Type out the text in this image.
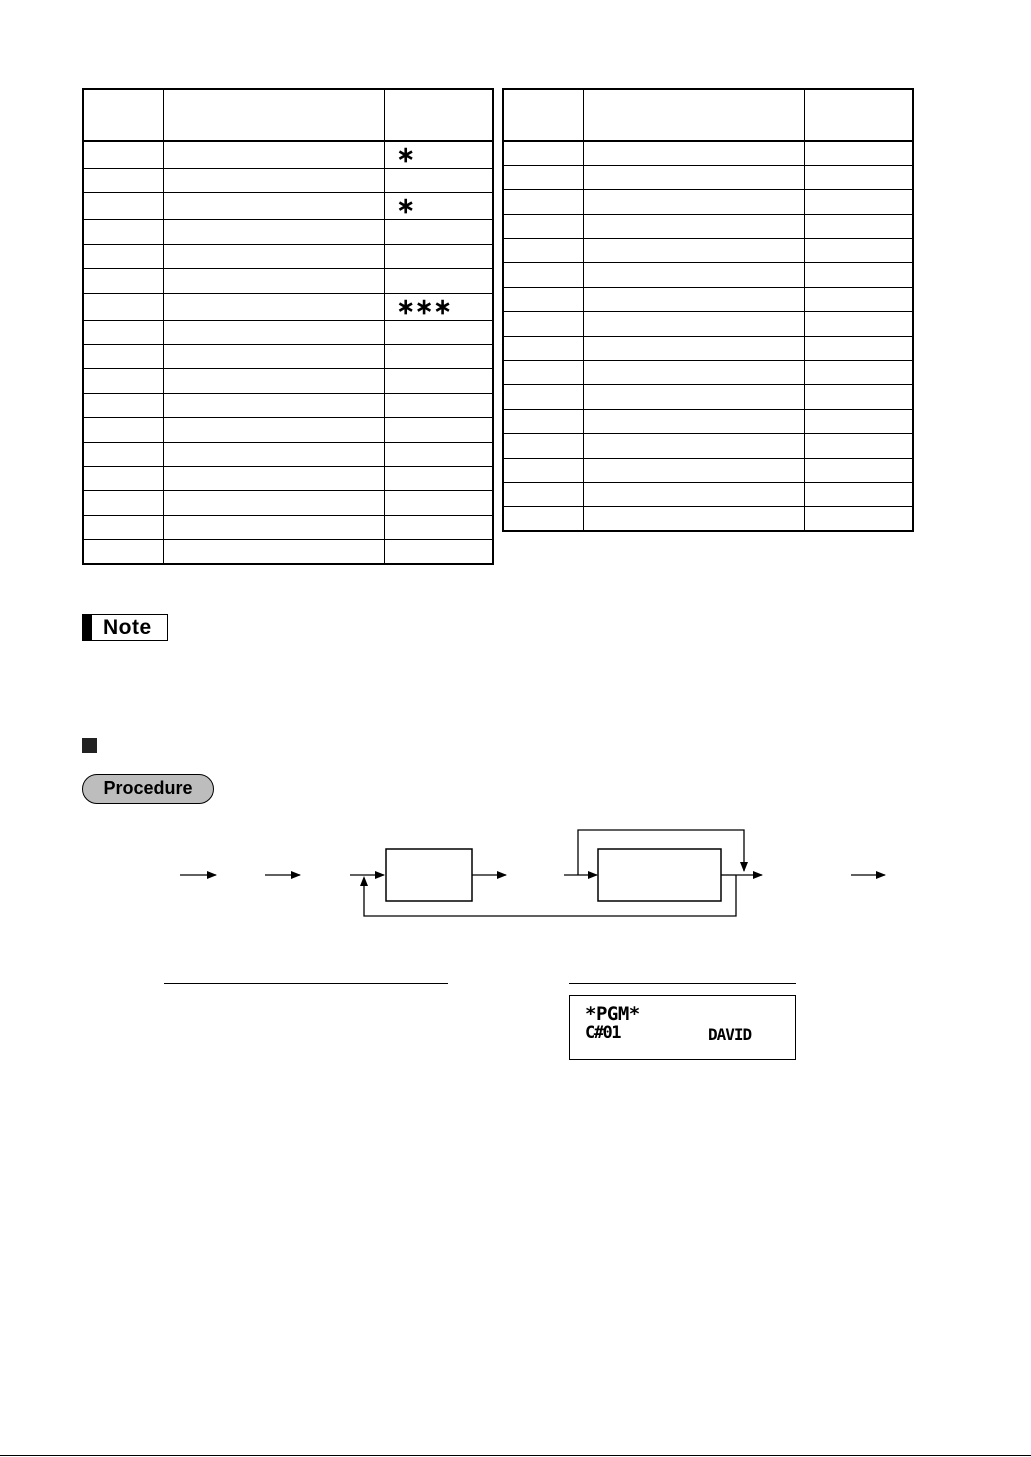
		∗

		∗

		∗∗∗

Note
Procedure
*PGM*
C#01	DAVID
